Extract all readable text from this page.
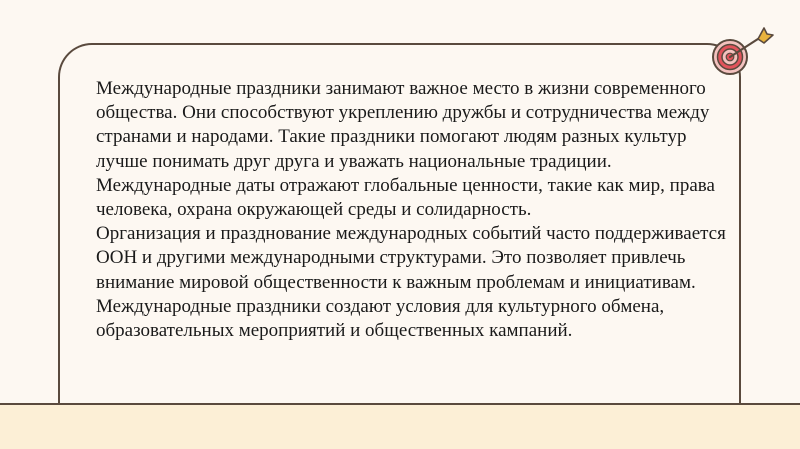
Международные праздники занимают важное место в жизни современного общества. Они способствуют укреплению дружбы и сотрудничества между странами и народами. Такие праздники помогают людям разных культур лучше понимать друг друга и уважать национальные традиции. Международные даты отражают глобальные ценности, такие как мир, права человека, охрана окружающей среды и солидарность.

Организация и празднование международных событий часто поддерживается ООН и другими международными структурами. Это позволяет привлечь внимание мировой общественности к важным проблемам и инициативам. Международные праздники создают условия для культурного обмена, образовательных мероприятий и общественных кампаний.
